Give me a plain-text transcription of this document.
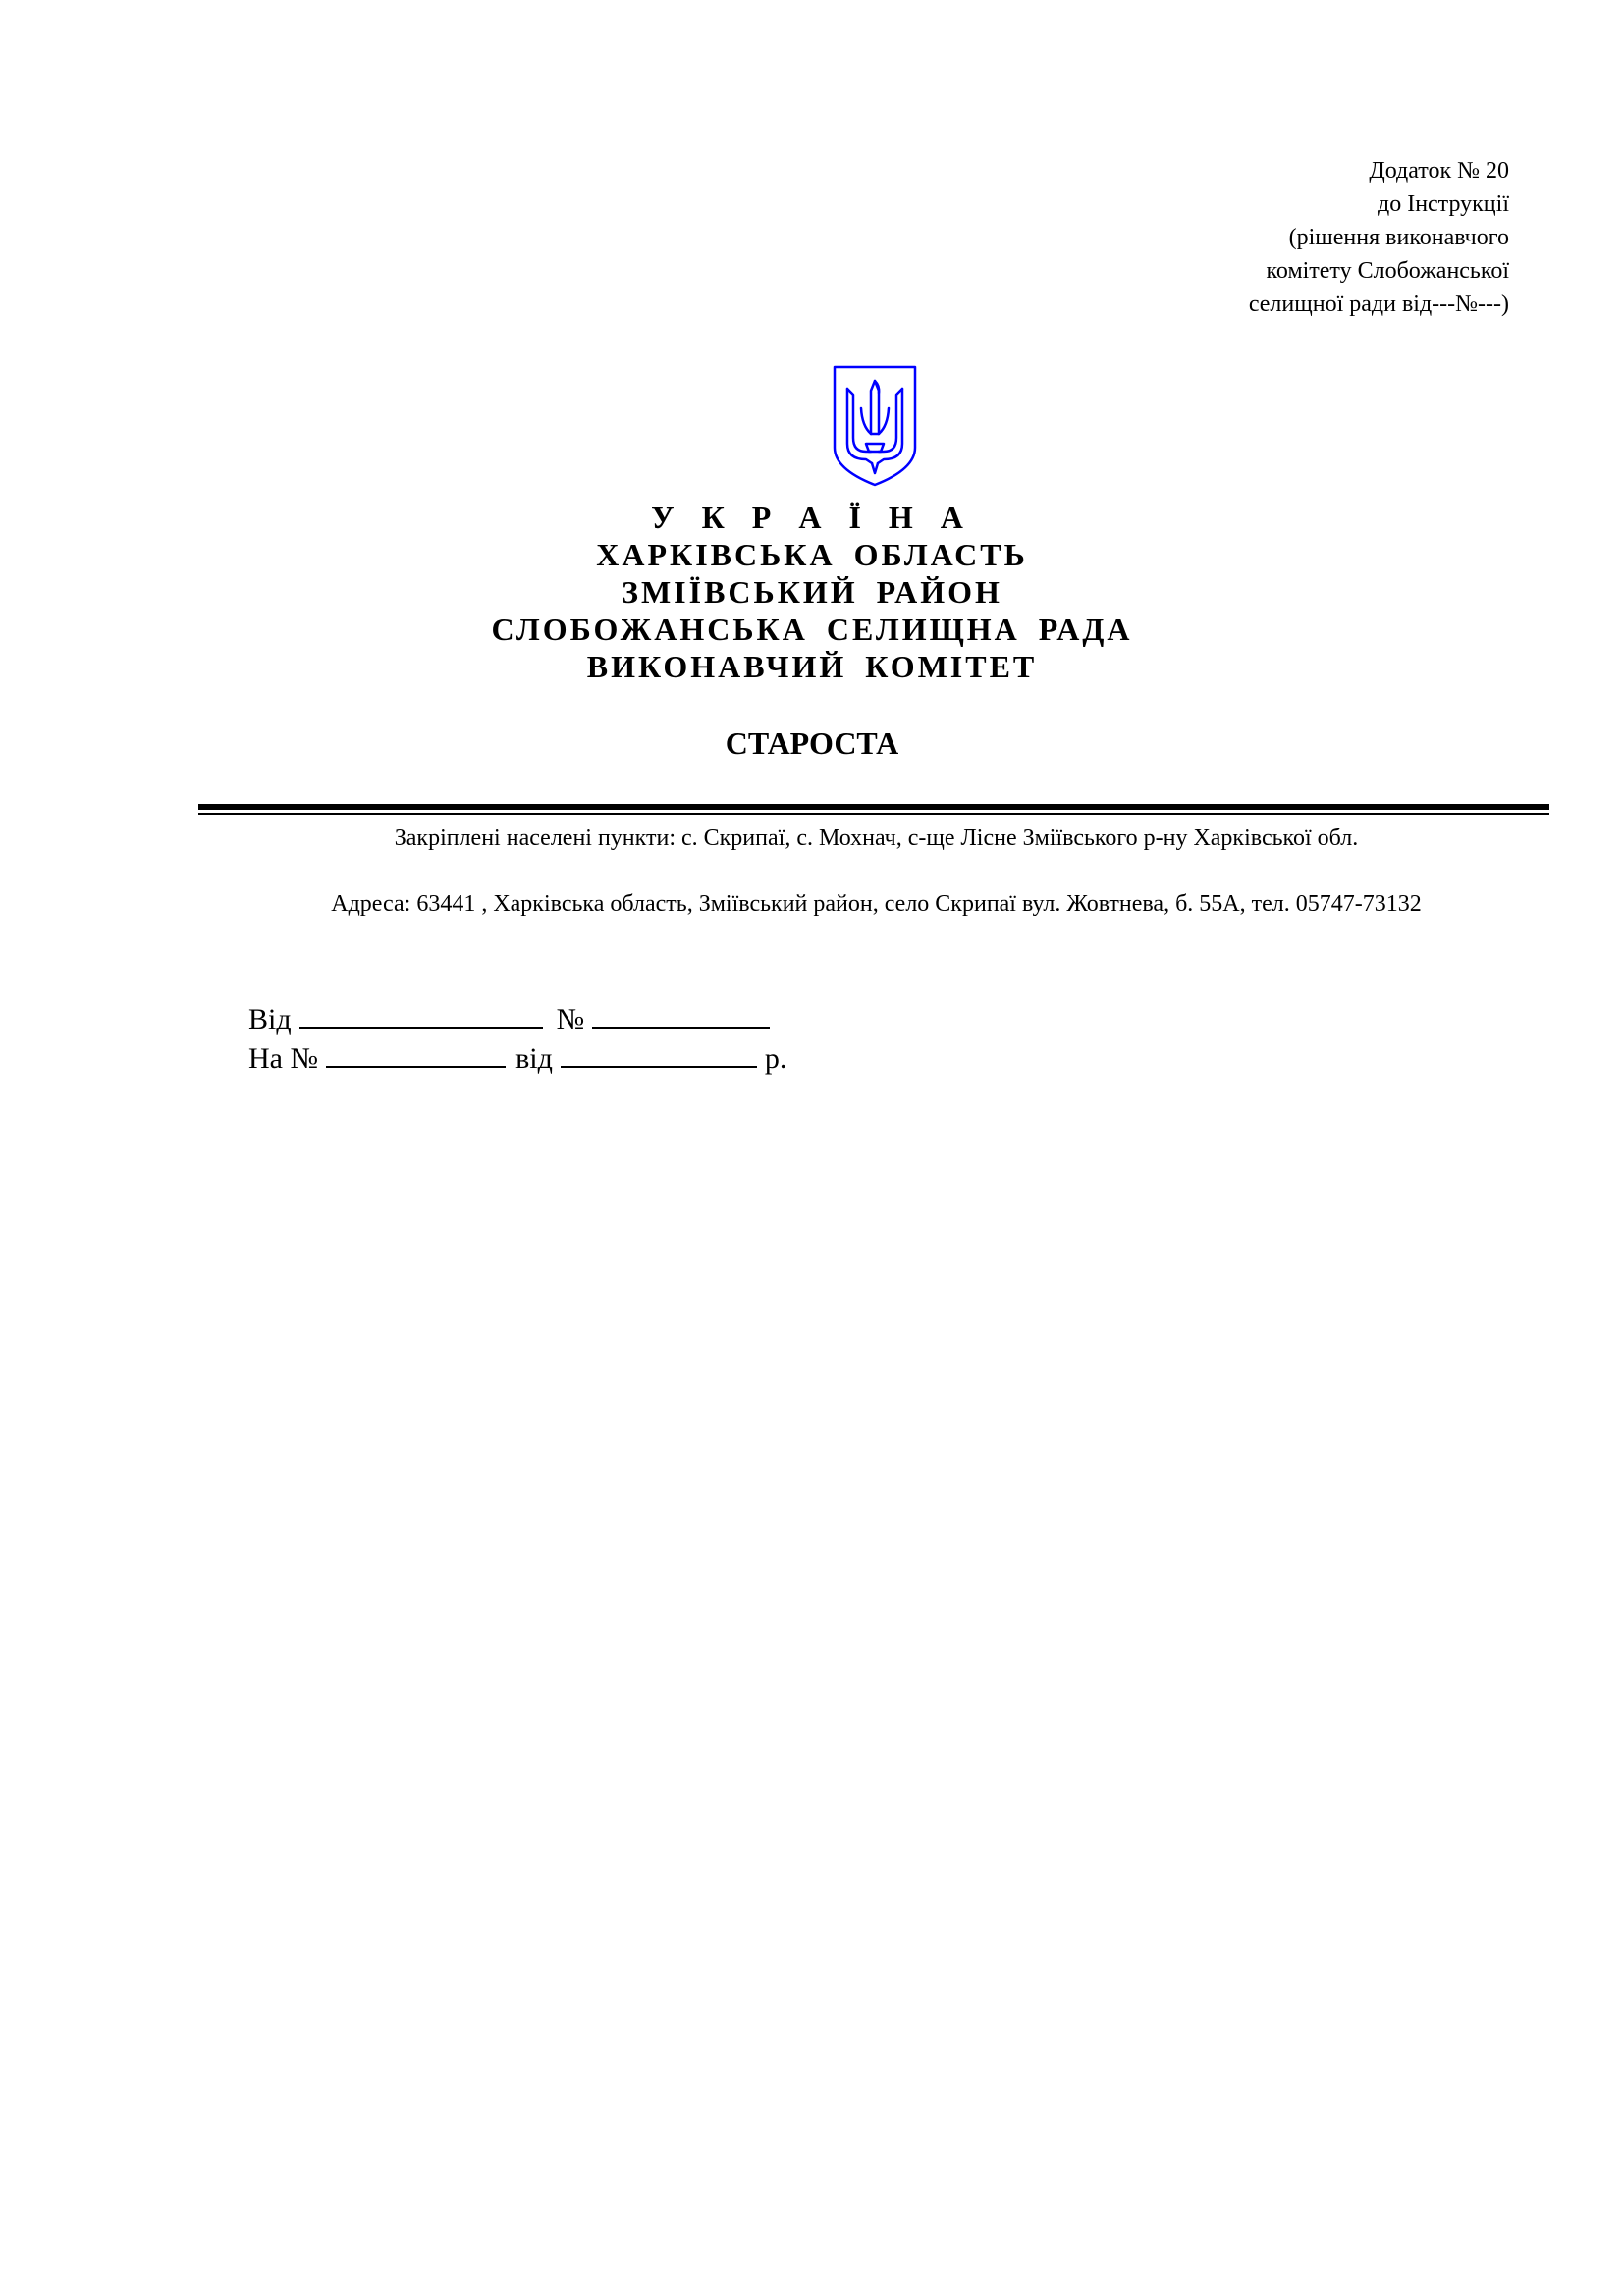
Додаток № 20
до Інструкції
(рішення виконавчого
комітету Слобожанської
селищної ради від---№---)
У К Р А Ї Н А
ХАРКІВСЬКА ОБЛАСТЬ
ЗМІЇВСЬКИЙ РАЙОН
СЛОБОЖАНСЬКА СЕЛИЩНА РАДА
ВИКОНАВЧИЙ КОМІТЕТ
СТАРОСТА
Закріплені населені пункти: с. Скрипаї, с. Мохнач, с-ще Лісне Зміївського р-ну Харківської обл.
Адреса: 63441 , Харківська область, Зміївський район, село Скрипаї вул. Жовтнева, б. 55А, тел. 05747-73132
Від	№
На №	від	р.
